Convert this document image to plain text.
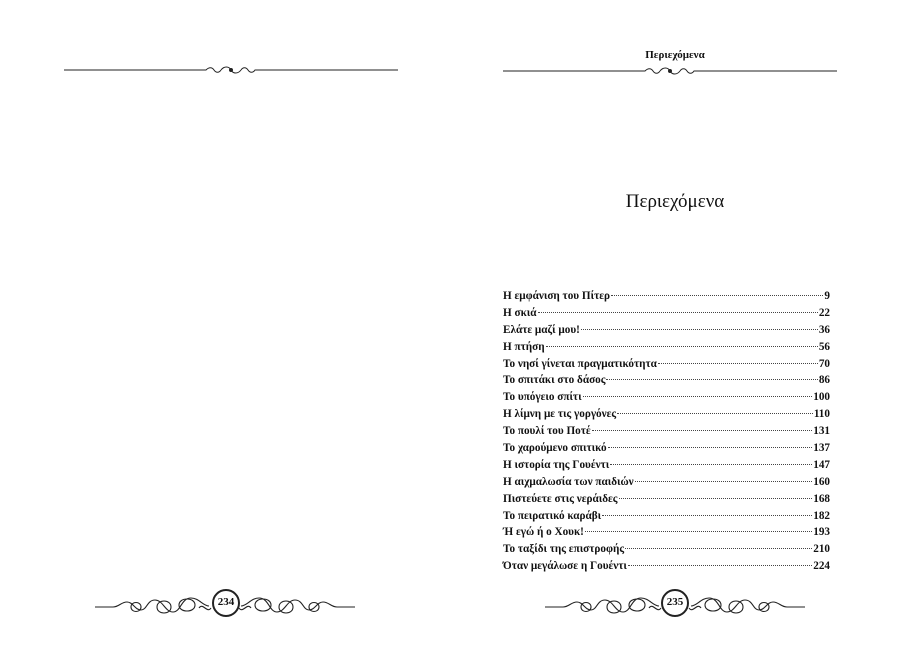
234
Περιεχόμενα
Περιεχόμενα
Η εμφάνιση του Πίτερ	9
Η σκιά	22
Ελάτε μαζί μου!	36
Η πτήση	56
Το νησί γίνεται πραγματικότητα	70
Το σπιτάκι στο δάσος	86
Το υπόγειο σπίτι	100
Η λίμνη με τις γοργόνες	110
Το πουλί του Ποτέ	131
Το χαρούμενο σπιτικό	137
Η ιστορία της Γουέντι	147
Η αιχμαλωσία των παιδιών	160
Πιστεύετε στις νεράιδες	168
Το πειρατικό καράβι	182
Ή εγώ ή ο Χουκ!	193
Το ταξίδι της επιστροφής	210
Όταν μεγάλωσε η Γουέντι	224
235
